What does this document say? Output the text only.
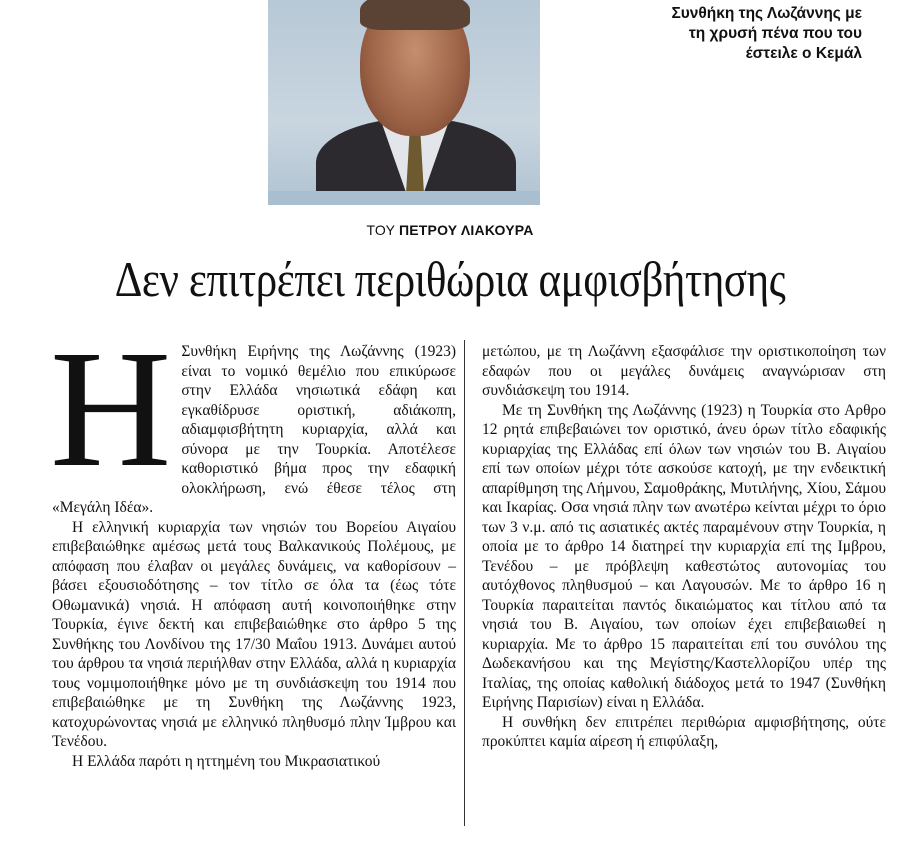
Συνθήκη της Λωζάννης με τη χρυσή πένα που του έστειλε ο Κεμάλ
ΤΟΥ ΠΕΤΡΟΥ ΛΙΑΚΟΥΡΑ
Δεν επιτρέπει περιθώρια αμφισβήτησης

Η Συνθήκη Ειρήνης της Λωζάννης (1923) είναι το νομικό θεμέλιο που επικύρωσε στην Ελλάδα νησιωτικά εδάφη και εγκαθίδρυσε οριστική, αδιάκοπη, αδιαμφισβήτητη κυριαρχία, αλλά και σύνορα με την Τουρκία. Αποτέλεσε καθοριστικό βήμα προς την εδαφική ολοκλήρωση, ενώ έθεσε τέλος στη «Μεγάλη Ιδέα».

Η ελληνική κυριαρχία των νησιών του Βορείου Αιγαίου επιβεβαιώθηκε αμέσως μετά τους Βαλκανικούς Πολέμους, με απόφαση που έλαβαν οι μεγάλες δυνάμεις, να καθορίσουν – βάσει εξουσιοδότησης – τον τίτλο σε όλα τα (έως τότε Οθωμανικά) νησιά. Η απόφαση αυτή κοινοποιήθηκε στην Τουρκία, έγινε δεκτή και επιβεβαιώθηκε στο άρθρο 5 της Συνθήκης του Λονδίνου της 17/30 Μαΐου 1913. Δυνάμει αυτού του άρθρου τα νησιά περιήλθαν στην Ελλάδα, αλλά η κυριαρχία τους νομιμοποιήθηκε μόνο με τη συνδιάσκεψη του 1914 που επιβεβαιώθηκε με τη Συνθήκη της Λωζάννης 1923, κατοχυρώνοντας νησιά με ελληνικό πληθυσμό πλην Ίμβρου και Τενέδου.

Η Ελλάδα παρότι η ηττημένη του Μικρασιατικού

μετώπου, με τη Λωζάννη εξασφάλισε την οριστικοποίηση των εδαφών που οι μεγάλες δυνάμεις αναγνώρισαν στη συνδιάσκεψη του 1914.

Με τη Συνθήκη της Λωζάννης (1923) η Τουρκία στο Αρθρο 12 ρητά επιβεβαιώνει τον οριστικό, άνευ όρων τίτλο εδαφικής κυριαρχίας της Ελλάδας επί όλων των νησιών του Β. Αιγαίου επί των οποίων μέχρι τότε ασκούσε κατοχή, με την ενδεικτική απαρίθμηση της Λήμνου, Σαμοθράκης, Μυτιλήνης, Χίου, Σάμου και Ικαρίας. Οσα νησιά πλην των ανωτέρω κείνται μέχρι το όριο των 3 ν.μ. από τις ασιατικές ακτές παραμένουν στην Τουρκία, η οποία με το άρθρο 14 διατηρεί την κυριαρχία επί της Ιμβρου, Τενέδου – με πρόβλεψη καθεστώτος αυτονομίας του αυτόχθονος πληθυσμού – και Λαγουσών. Με το άρθρο 16 η Τουρκία παραιτείται παντός δικαιώματος και τίτλου από τα νησιά του Β. Αιγαίου, των οποίων έχει επιβεβαιωθεί η κυριαρχία. Με το άρθρο 15 παραιτείται επί του συνόλου της Δωδεκανήσου και της Μεγίστης/Καστελλορίζου υπέρ της Ιταλίας, της οποίας καθολική διάδοχος μετά το 1947 (Συνθήκη Ειρήνης Παρισίων) είναι η Ελλάδα.

Η συνθήκη δεν επιτρέπει περιθώρια αμφισβήτησης, ούτε προκύπτει καμία αίρεση ή επιφύλαξη,
